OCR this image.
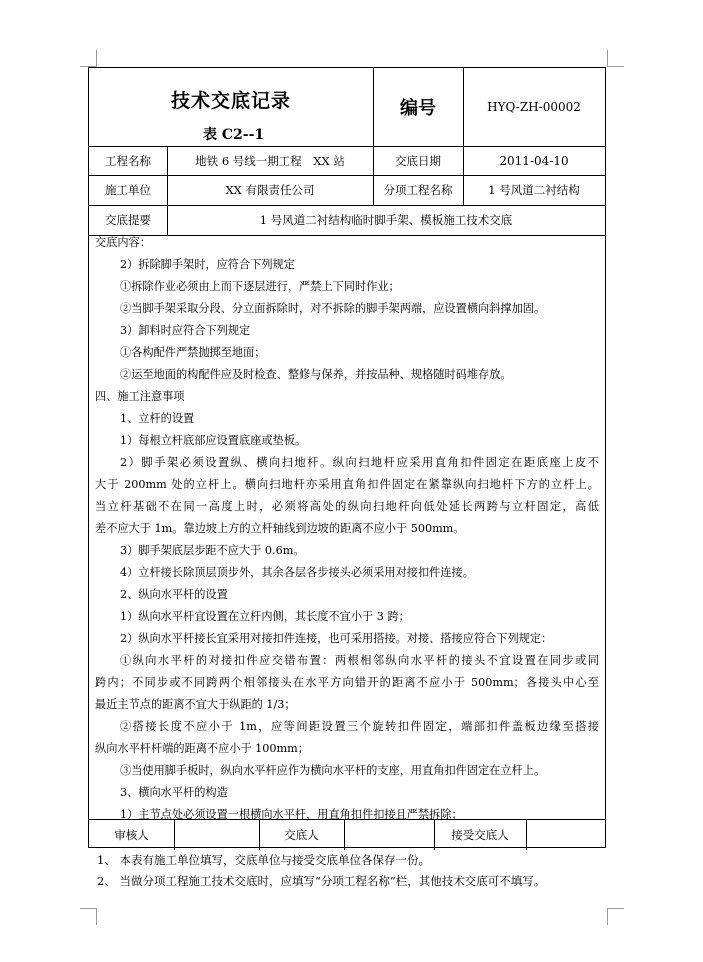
技术交底记录
表 C2--1
编号	HYQ-ZH-00002
工程名称	地铁 6 号线一期工程　XX 站	交底日期	2011-04-10
施工单位	XX 有限责任公司	分项工程名称	1 号风道二衬结构
交底提要	1 号风道二衬结构临时脚手架、模板施工技术交底
交底内容：
2）拆除脚手架时，应符合下列规定
①拆除作业必须由上而下逐层进行，严禁上下同时作业；
②当脚手架采取分段、分立面拆除时，对不拆除的脚手架两端，应设置横向斜撑加固。
3）卸料时应符合下列规定
①各构配件严禁抛掷至地面；
②运至地面的构配件应及时检查、整修与保养，并按品种、规格随时码堆存放。
四、施工注意事项
1、立杆的设置
1）每根立杆底部应设置底座或垫板。
2）脚手架必须设置纵、横向扫地杆。纵向扫地杆应采用直角扣件固定在距底座上皮不
大于 200mm 处的立杆上。横向扫地杆亦采用直角扣件固定在紧靠纵向扫地杆下方的立杆上。
当立杆基础不在同一高度上时，必须将高处的纵向扫地杆向低处延长两跨与立杆固定，高低
差不应大于 1m。靠边坡上方的立杆轴线到边坡的距离不应小于 500mm。
3）脚手架底层步距不应大于 0.6m。
4）立杆接长除顶层顶步外，其余各层各步接头必须采用对接扣件连接。
2、纵向水平杆的设置
1）纵向水平杆宜设置在立杆内侧，其长度不宜小于 3 跨；
2）纵向水平杆接长宜采用对接扣件连接，也可采用搭接。对接、搭接应符合下列规定：
①纵向水平杆的对接扣件应交错布置：两根相邻纵向水平杆的接头不宜设置在同步或同
跨内；不同步或不同跨两个相邻接头在水平方向错开的距离不应小于 500mm；各接头中心至
最近主节点的距离不宜大于纵距的 1/3；
②搭接长度不应小于 1m，应等间距设置三个旋转扣件固定，端部扣件盖板边缘至搭接
纵向水平杆杆端的距离不应小于 100mm；
③当使用脚手板时，纵向水平杆应作为横向水平杆的支座，用直角扣件固定在立杆上。
3、横向水平杆的构造
1）主节点处必须设置一根横向水平杆，用直角扣件扣接且严禁拆除；
审核人	交底人	接受交底人
1、 本表有施工单位填写，交底单位与接受交底单位各保存一份。
2、 当做分项工程施工技术交底时，应填写“分项工程名称”栏，其他技术交底可不填写。
